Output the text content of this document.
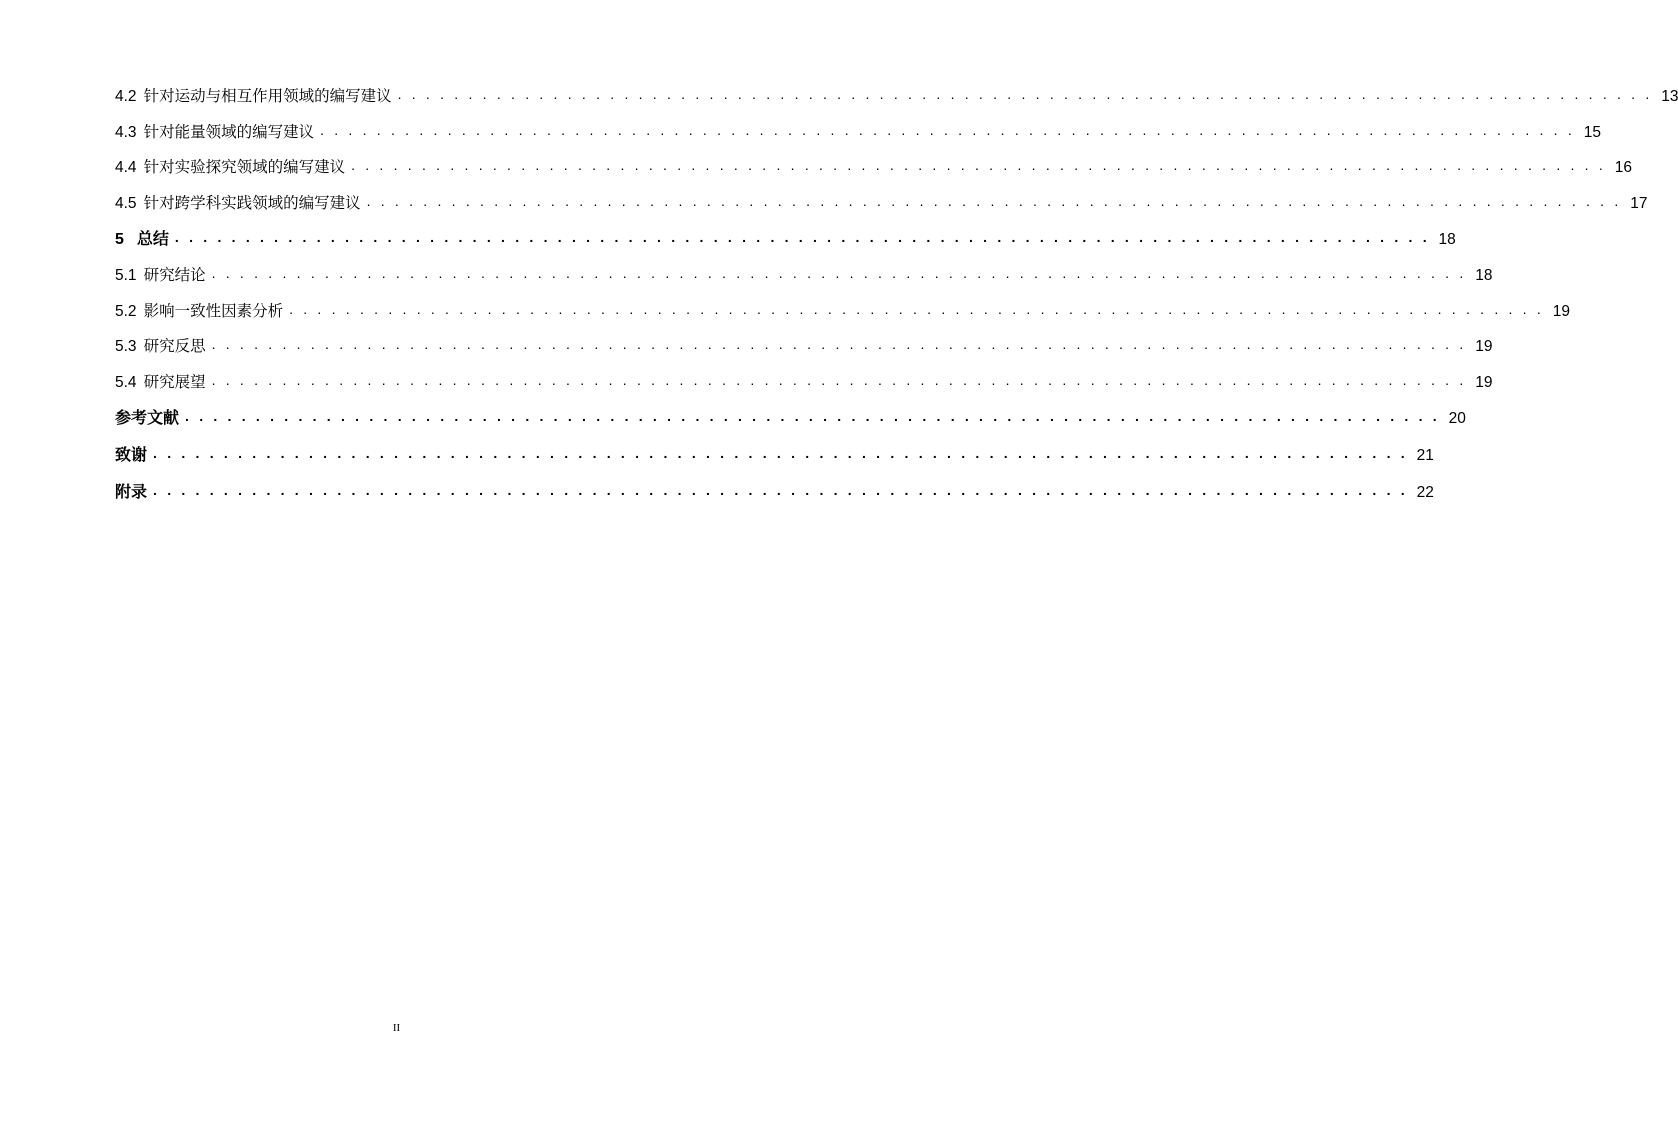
4.2 针对运动与相互作用领域的编写建议 . . . . . . . . . . . . . . . . . . . . . . . . . . . . . . . . . . . . . . . . . . . . . . . . . . . . . . . . . . . . . . . . . . . . . . . . . . . . . . . . . . . . . . . . . 13
4.3 针对能量领域的编写建议 . . . . . . . . . . . . . . . . . . . . . . . . . . . . . . . . . . . . . . . . . . . . . . . . . . . . . . . . . . . . . . . . . . . . . . . . . . . . . . . . . . . . . . . . . 15
4.4 针对实验探究领域的编写建议 . . . . . . . . . . . . . . . . . . . . . . . . . . . . . . . . . . . . . . . . . . . . . . . . . . . . . . . . . . . . . . . . . . . . . . . . . . . . . . . . . . . . . . . . . 16
4.5 针对跨学科实践领域的编写建议 . . . . . . . . . . . . . . . . . . . . . . . . . . . . . . . . . . . . . . . . . . . . . . . . . . . . . . . . . . . . . . . . . . . . . . . . . . . . . . . . . . . . . . . . . 17
5 总结 . . . . . . . . . . . . . . . . . . . . . . . . . . . . . . . . . . . . . . . . . . . . . . . . . . . . . . . . . . . . . . . . . . . . . . . . . . . . . . . . . . . . . . . . . 18
5.1 研究结论 . . . . . . . . . . . . . . . . . . . . . . . . . . . . . . . . . . . . . . . . . . . . . . . . . . . . . . . . . . . . . . . . . . . . . . . . . . . . . . . . . . . . . . . . . 18
5.2 影响一致性因素分析 . . . . . . . . . . . . . . . . . . . . . . . . . . . . . . . . . . . . . . . . . . . . . . . . . . . . . . . . . . . . . . . . . . . . . . . . . . . . . . . . . . . . . . . . . 19
5.3 研究反思 . . . . . . . . . . . . . . . . . . . . . . . . . . . . . . . . . . . . . . . . . . . . . . . . . . . . . . . . . . . . . . . . . . . . . . . . . . . . . . . . . . . . . . . . . 19
5.4 研究展望 . . . . . . . . . . . . . . . . . . . . . . . . . . . . . . . . . . . . . . . . . . . . . . . . . . . . . . . . . . . . . . . . . . . . . . . . . . . . . . . . . . . . . . . . . 19
参考文献 . . . . . . . . . . . . . . . . . . . . . . . . . . . . . . . . . . . . . . . . . . . . . . . . . . . . . . . . . . . . . . . . . . . . . . . . . . . . . . . . . . . . . . . . . 20
致谢 . . . . . . . . . . . . . . . . . . . . . . . . . . . . . . . . . . . . . . . . . . . . . . . . . . . . . . . . . . . . . . . . . . . . . . . . . . . . . . . . . . . . . . . . . 21
附录 . . . . . . . . . . . . . . . . . . . . . . . . . . . . . . . . . . . . . . . . . . . . . . . . . . . . . . . . . . . . . . . . . . . . . . . . . . . . . . . . . . . . . . . . . 22
II
